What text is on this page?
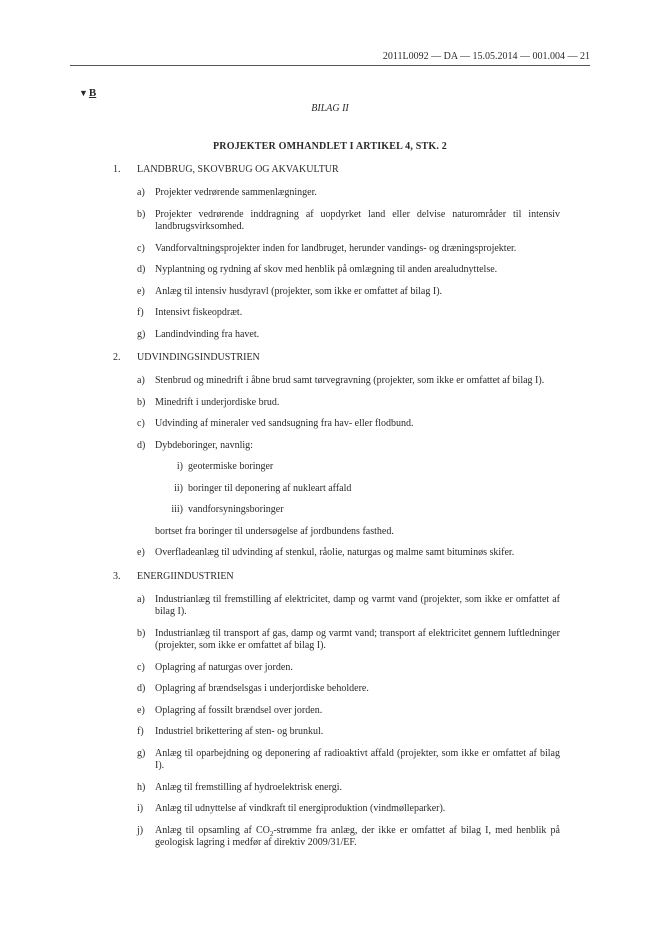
2011L0092 — DA — 15.05.2014 — 001.004 — 21
▼B
BILAG II
PROJEKTER OMHANDLET I ARTIKEL 4, STK. 2
1.	LANDBRUG, SKOVBRUG OG AKVAKULTUR
a)	Projekter vedrørende sammenlægninger.
b) Projekter vedrørende inddragning af uopdyrket land eller delvise naturområder til intensiv landbrugsvirksomhed.
c)	Vandforvaltningsprojekter inden for landbruget, herunder vandings- og dræningsprojekter.
d) Nyplantning og rydning af skov med henblik på omlægning til anden arealudnyttelse.
e)	Anlæg til intensiv husdyravl (projekter, som ikke er omfattet af bilag I).
f)	Intensivt fiskeopdræt.
g) Landindvinding fra havet.
2.	UDVINDINGSINDUSTRIEN
a)	Stenbrud og minedrift i åbne brud samt tørvegravning (projekter, som ikke er omfattet af bilag I).
b) Minedrift i underjordiske brud.
c)	Udvinding af mineraler ved sandsugning fra hav- eller flodbund.
d) Dybdeboringer, navnlig:
i) geotermiske boringer
ii) boringer til deponering af nukleart affald
iii) vandforsyningsboringer
bortset fra boringer til undersøgelse af jordbundens fasthed.
e)	Overfladeanlæg til udvinding af stenkul, råolie, naturgas og malme samt bituminøs skifer.
3.	ENERGIINDUSTRIEN
a)	Industrianlæg til fremstilling af elektricitet, damp og varmt vand (projekter, som ikke er omfattet af bilag I).
b) Industrianlæg til transport af gas, damp og varmt vand; transport af elektricitet gennem luftledninger (projekter, som ikke er omfattet af bilag I).
c)	Oplagring af naturgas over jorden.
d) Oplagring af brændselsgas i underjordiske beholdere.
e)	Oplagring af fossilt brændsel over jorden.
f)	Industriel brikettering af sten- og brunkul.
g) Anlæg til oparbejdning og deponering af radioaktivt affald (projekter, som ikke er omfattet af bilag I).
h) Anlæg til fremstilling af hydroelektrisk energi.
i)	Anlæg til udnyttelse af vindkraft til energiproduktion (vindmølleparker).
j)	Anlæg til opsamling af $CO_2$-strømme fra anlæg, der ikke er omfattet af bilag I, med henblik på geologisk lagring i medfør af direktiv 2009/31/EF.
